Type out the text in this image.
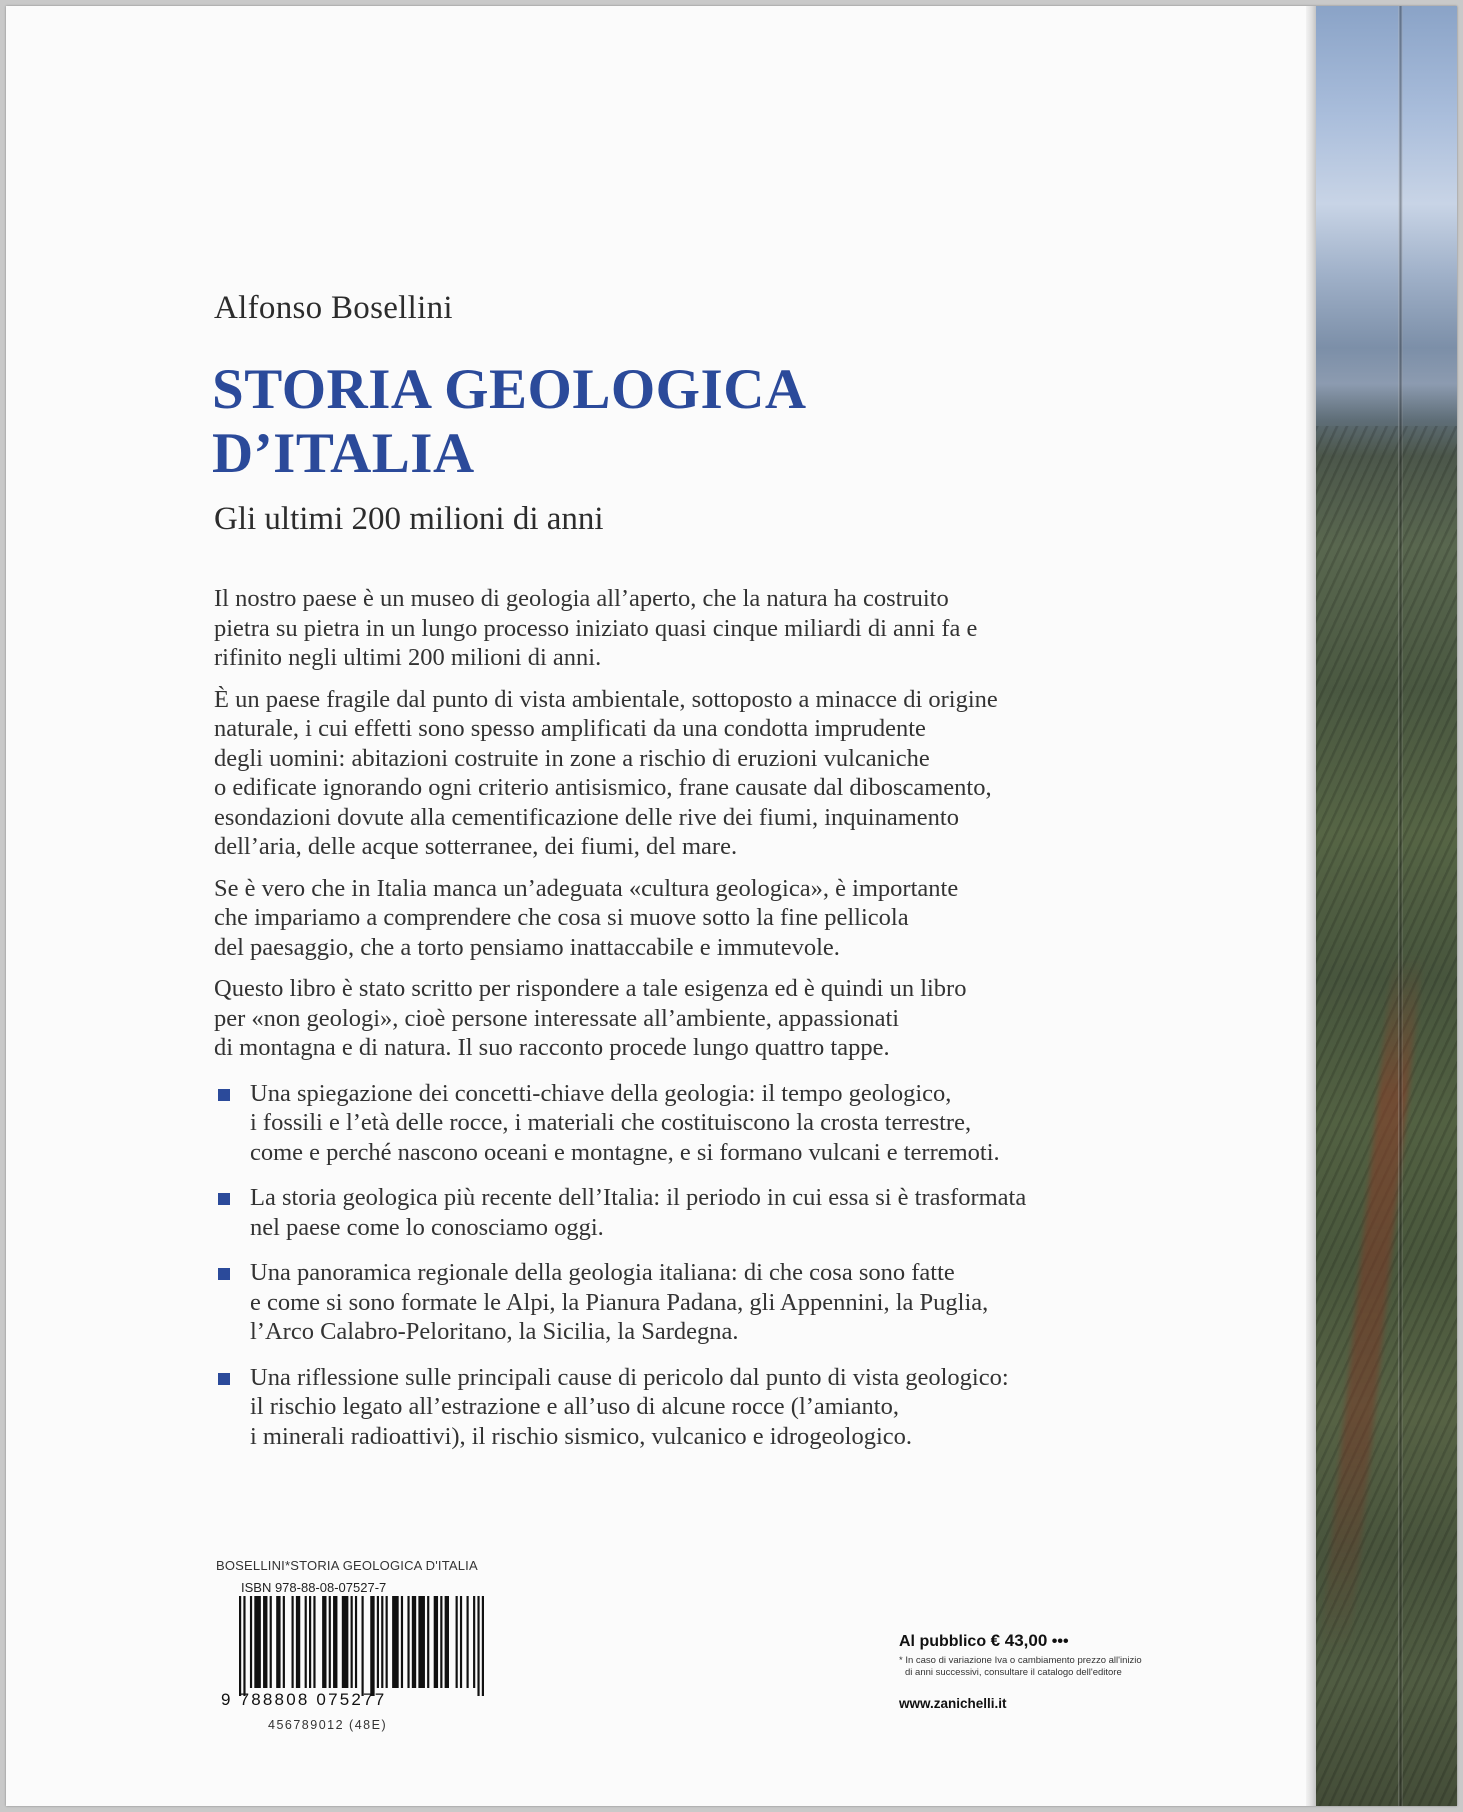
Alfonso Bosellini
STORIA GEOLOGICA
D’ITALIA
Gli ultimi 200 milioni di anni

Il nostro paese è un museo di geologia all’aperto, che la natura ha costruito
pietra su pietra in un lungo processo iniziato quasi cinque miliardi di anni fa e
rifinito negli ultimi 200 milioni di anni.

È un paese fragile dal punto di vista ambientale, sottoposto a minacce di origine
naturale, i cui effetti sono spesso amplificati da una condotta imprudente
degli uomini: abitazioni costruite in zone a rischio di eruzioni vulcaniche
o edificate ignorando ogni criterio antisismico, frane causate dal diboscamento,
esondazioni dovute alla cementificazione delle rive dei fiumi, inquinamento
dell’aria, delle acque sotterranee, dei fiumi, del mare.

Se è vero che in Italia manca un’adeguata «cultura geologica», è importante
che impariamo a comprendere che cosa si muove sotto la fine pellicola
del paesaggio, che a torto pensiamo inattaccabile e immutevole.

Questo libro è stato scritto per rispondere a tale esigenza ed è quindi un libro
per «non geologi», cioè persone interessate all’ambiente, appassionati
di montagna e di natura. Il suo racconto procede lungo quattro tappe.

Una spiegazione dei concetti-chiave della geologia: il tempo geologico,
i fossili e l’età delle rocce, i materiali che costituiscono la crosta terrestre,
come e perché nascono oceani e montagne, e si formano vulcani e terremoti.
La storia geologica più recente dell’Italia: il periodo in cui essa si è trasformata
nel paese come lo conosciamo oggi.
Una panoramica regionale della geologia italiana: di che cosa sono fatte
e come si sono formate le Alpi, la Pianura Padana, gli Appennini, la Puglia,
l’Arco Calabro-Peloritano, la Sicilia, la Sardegna.
Una riflessione sulle principali cause di pericolo dal punto di vista geologico:
il rischio legato all’estrazione e all’uso di alcune rocce (l’amianto,
i minerali radioattivi), il rischio sismico, vulcanico e idrogeologico.
BOSELLINI*STORIA GEOLOGICA D'ITALIA
ISBN 978-88-08-07527-7
9 788808 075277
456789012 (48E)
Al pubblico € 43,00 •••
* In caso di variazione Iva o cambiamento prezzo all'inizio
di anni successivi, consultare il catalogo dell'editore
www.zanichelli.it
